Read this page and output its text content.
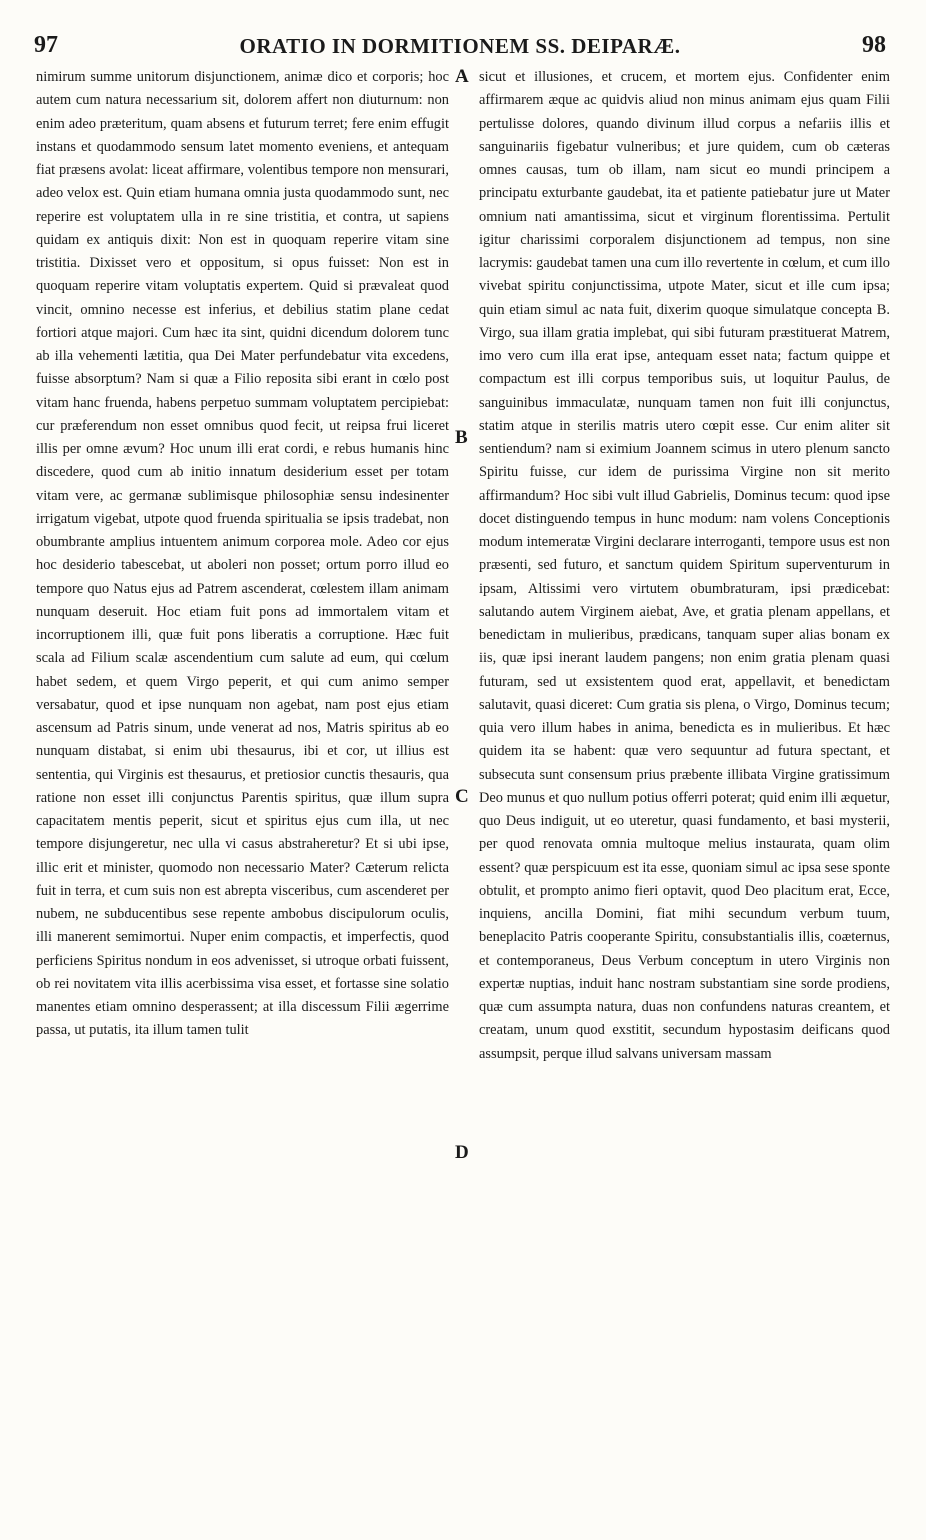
97	ORATIO IN DORMITIONEM SS. DEIPARÆ.	98

nimirum summe unitorum disjunctionem, animæ dico et corporis; hoc autem cum natura necessarium sit, dolorem affert non diuturnum: non enim adeo præteritum, quam absens et futurum terret; fere enim effugit instans et quodammodo sensum latet momento eveniens, et antequam fiat præsens avolat: liceat affirmare, volentibus tempore non mensurari, adeo velox est. Quin etiam humana omnia justa quodammodo sunt, nec reperire est voluptatem ulla in re sine tristitia, et contra, ut sapiens quidam ex antiquis dixit: Non est in quoquam reperire vitam sine tristitia. Dixisset vero et oppositum, si opus fuisset: Non est in quoquam reperire vitam voluptatis expertem. Quid si prævaleat quod vincit, omnino necesse est inferius, et debilius statim plane cedat fortiori atque majori. Cum hæc ita sint, quidni dicendum dolorem tunc ab illa vehementi lætitia, qua Dei Mater perfundebatur vita excedens, fuisse absorptum? Nam si quæ a Filio reposita sibi erant in cœlo post vitam hanc fruenda, habens perpetuo summam voluptatem percipiebat: cur præferendum non esset omnibus quod fecit, ut reipsa frui liceret illis per omne ævum? Hoc unum illi erat cordi, e rebus humanis hinc discedere, quod cum ab initio innatum desiderium esset per totam vitam vere, ac germanæ sublimisque philosophiæ sensu indesinenter irrigatum vigebat, utpote quod fruenda spiritualia se ipsis tradebat, non obumbrante amplius intuentem animum corporea mole. Adeo cor ejus hoc desiderio tabescebat, ut aboleri non posset; ortum porro illud eo tempore quo Natus ejus ad Patrem ascenderat, cœlestem illam animam nunquam deseruit. Hoc etiam fuit pons ad immortalem vitam et incorruptionem illi, quæ fuit pons liberatis a corruptione. Hæc fuit scala ad Filium scalæ ascendentium cum salute ad eum, qui cœlum habet sedem, et quem Virgo peperit, et qui cum animo semper versabatur, quod et ipse nunquam non agebat, nam post ejus etiam ascensum ad Patris sinum, unde venerat ad nos, Matris spiritus ab eo nunquam distabat, si enim ubi thesaurus, ibi et cor, ut illius est sententia, qui Virginis est thesaurus, et pretiosior cunctis thesauris, qua ratione non esset illi conjunctus Parentis spiritus, quæ illum supra capacitatem mentis peperit, sicut et spiritus ejus cum illa, ut nec tempore disjungeretur, nec ulla vi casus abstraheretur? Et si ubi ipse, illic erit et minister, quomodo non necessario Mater? Cæterum relicta fuit in terra, et cum suis non est abrepta visceribus, cum ascenderet per nubem, ne subducentibus sese repente ambobus discipulorum oculis, illi manerent semimortui. Nuper enim compactis, et imperfectis, quod perficiens Spiritus nondum in eos advenisset, si utroque orbati fuissent, ob rei novitatem vita illis acerbissima visa esset, et fortasse sine solatio manentes etiam omnino desperassent; at illa discessum Filii ægerrime passa, ut putatis, ita illum tamen tulit

A
B
C
D

sicut et illusiones, et crucem, et mortem ejus. Confidenter enim affirmarem æque ac quidvis aliud non minus animam ejus quam Filii pertulisse dolores, quando divinum illud corpus a nefariis illis et sanguinariis figebatur vulneribus; et jure quidem, cum ob cæteras omnes causas, tum ob illam, nam sicut eo mundi principem a principatu exturbante gaudebat, ita et patiente patiebatur jure ut Mater omnium nati amantissima, sicut et virginum florentissima. Pertulit igitur charissimi corporalem disjunctionem ad tempus, non sine lacrymis: gaudebat tamen una cum illo revertente in cœlum, et cum illo vivebat spiritu conjunctissima, utpote Mater, sicut et ille cum ipsa; quin etiam simul ac nata fuit, dixerim quoque simulatque concepta B. Virgo, sua illam gratia implebat, qui sibi futuram præstituerat Matrem, imo vero cum illa erat ipse, antequam esset nata; factum quippe et compactum est illi corpus temporibus suis, ut loquitur Paulus, de sanguinibus immaculatæ, nunquam tamen non fuit illi conjunctus, statim atque in sterilis matris utero cœpit esse. Cur enim aliter sit sentiendum? nam si eximium Joannem scimus in utero plenum sancto Spiritu fuisse, cur idem de purissima Virgine non sit merito affirmandum? Hoc sibi vult illud Gabrielis, Dominus tecum: quod ipse docet distinguendo tempus in hunc modum: nam volens Conceptionis modum intemeratæ Virgini declarare interroganti, tempore usus est non præsenti, sed futuro, et sanctum quidem Spiritum superventurum in ipsam, Altissimi vero virtutem obumbraturam, ipsi prædicebat: salutando autem Virginem aiebat, Ave, et gratia plenam appellans, et benedictam in mulieribus, prædicans, tanquam super alias bonam ex iis, quæ ipsi inerant laudem pangens; non enim gratia plenam quasi futuram, sed ut exsistentem quod erat, appellavit, et benedictam salutavit, quasi diceret: Cum gratia sis plena, o Virgo, Dominus tecum; quia vero illum habes in anima, benedicta es in mulieribus. Et hæc quidem ita se habent: quæ vero sequuntur ad futura spectant, et subsecuta sunt consensum prius præbente illibata Virgine gratissimum Deo munus et quo nullum potius offerri poterat; quid enim illi æquetur, quo Deus indiguit, ut eo uteretur, quasi fundamento, et basi mysterii, per quod renovata omnia multoque melius instaurata, quam olim essent? quæ perspicuum est ita esse, quoniam simul ac ipsa sese sponte obtulit, et prompto animo fieri optavit, quod Deo placitum erat, Ecce, inquiens, ancilla Domini, fiat mihi secundum verbum tuum, beneplacito Patris cooperante Spiritu, consubstantialis illis, coæternus, et contemporaneus, Deus Verbum conceptum in utero Virginis non expertæ nuptias, induit hanc nostram substantiam sine sorde prodiens, quæ cum assumpta natura, duas non confundens naturas creantem, et creatam, unum quod exstitit, secundum hypostasim deificans quod assumpsit, perque illud salvans universam massam
